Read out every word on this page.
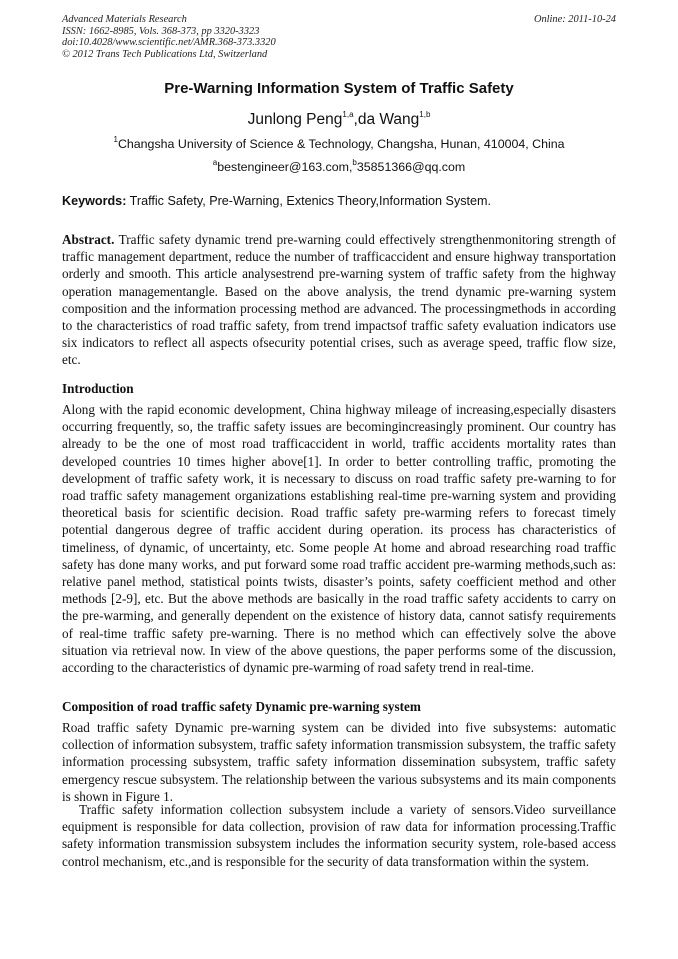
Advanced Materials Research	Online: 2011-10-24
ISSN: 1662-8985, Vols. 368-373, pp 3320-3323
doi:10.4028/www.scientific.net/AMR.368-373.3320
© 2012 Trans Tech Publications Ltd, Switzerland
Pre-Warning Information System of Traffic Safety
Junlong Peng$^{1,a}$,da Wang$^{1,b}$
$^1$Changsha University of Science & Technology, Changsha, Hunan, 410004, China
$^a$bestengineer@163.com,$^b$35851366@qq.com
Keywords: Traffic Safety, Pre-Warning, Extenics Theory,Information System.

Abstract. Traffic safety dynamic trend pre-warning could effectively strengthenmonitoring strength of traffic management department, reduce the number of trafficaccident and ensure highway transportation orderly and smooth. This article analysestrend pre-warning system of traffic safety from the highway operation managementangle. Based on the above analysis, the trend dynamic pre-warning system composition and the information processing method are advanced. The processingmethods in according to the characteristics of road traffic safety, from trend impactsof traffic safety evaluation indicators use six indicators to reflect all aspects ofsecurity potential crises, such as average speed, traffic flow size, etc.

Introduction

Along with the rapid economic development, China highway mileage of increasing,especially disasters occurring frequently, so, the traffic safety issues are becomingincreasingly prominent. Our country has already to be the one of most road trafficaccident in world, traffic accidents mortality rates than developed countries 10 times higher above[1]. In order to better controlling traffic, promoting the development of traffic safety work, it is necessary to discuss on road traffic safety pre-warning to for road traffic safety management organizations establishing real-time pre-warning system and providing theoretical basis for scientific decision. Road traffic safety pre-warming refers to forecast timely potential dangerous degree of traffic accident during operation. its process has characteristics of timeliness, of dynamic, of uncertainty, etc. Some people At home and abroad researching road traffic safety has done many works, and put forward some road traffic accident pre-warming methods,such as: relative panel method, statistical points twists, disaster’s points, safety coefficient method and other methods [2-9], etc. But the above methods are basically in the road traffic safety accidents to carry on the pre-warming, and generally dependent on the existence of history data, cannot satisfy requirements of real-time traffic safety pre-warning. There is no method which can effectively solve the above situation via retrieval now. In view of the above questions, the paper performs some of the discussion, according to the characteristics of dynamic pre-warming of road safety trend in real-time.

Composition of road traffic safety Dynamic pre-warning system

Road traffic safety Dynamic pre-warning system can be divided into five subsystems: automatic collection of information subsystem, traffic safety information transmission subsystem, the traffic safety information processing subsystem, traffic safety information dissemination subsystem, traffic safety emergency rescue subsystem. The relationship between the various subsystems and its main components is shown in Figure 1.

Traffic safety information collection subsystem include a variety of sensors.Video surveillance equipment is responsible for data collection, provision of raw data for information processing.Traffic safety information transmission subsystem includes the information security system, role-based access control mechanism, etc.,and is responsible for the security of data transformation within the system.
